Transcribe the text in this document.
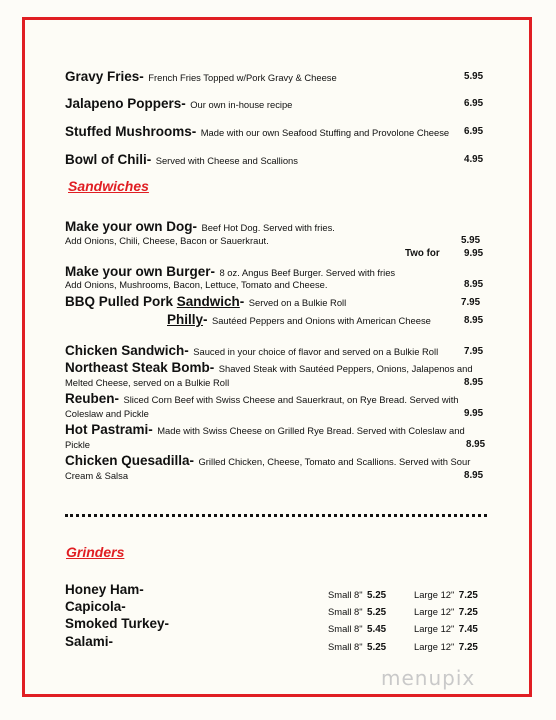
Gravy Fries- French Fries Topped w/Pork Gravy & Cheese	5.95
Jalapeno Poppers- Our own in-house recipe	6.95
Stuffed Mushrooms- Made with our own Seafood Stuffing and Provolone Cheese 6.95
Bowl of Chili- Served with Cheese and Scallions	4.95
Sandwiches
Make your own Dog- Beef Hot Dog. Served with fries.
Add Onions, Chili, Cheese, Bacon or Sauerkraut.	5.95
Two for 9.95
Make your own Burger- 8 oz. Angus Beef Burger. Served with fries
Add Onions, Mushrooms, Bacon, Lettuce, Tomato and Cheese.	8.95
BBQ Pulled Pork Sandwich- Served on a Bulkie Roll	7.95
Philly- Sautéed Peppers and Onions with American Cheese	8.95
Chicken Sandwich- Sauced in your choice of flavor and served on a Bulkie Roll	7.95
Northeast Steak Bomb- Shaved Steak with Sautéed Peppers, Onions, Jalapenos and
Melted Cheese, served on a Bulkie Roll	8.95
Reuben- Sliced Corn Beef with Swiss Cheese and Sauerkraut, on Rye Bread. Served with
Coleslaw and Pickle	9.95
Hot Pastrami- Made with Swiss Cheese on Grilled Rye Bread. Served with Coleslaw and
Pickle	8.95
Chicken Quesadilla- Grilled Chicken, Cheese, Tomato and Scallions. Served with Sour
Cream & Salsa	8.95
Grinders
Honey Ham-	Small 8" 5.25	Large 12" 7.25
Capicola-	Small 8" 5.25	Large 12" 7.25
Smoked Turkey-	Small 8" 5.45	Large 12" 7.45
Salami-	Small 8" 5.25	Large 12" 7.25
menupix
